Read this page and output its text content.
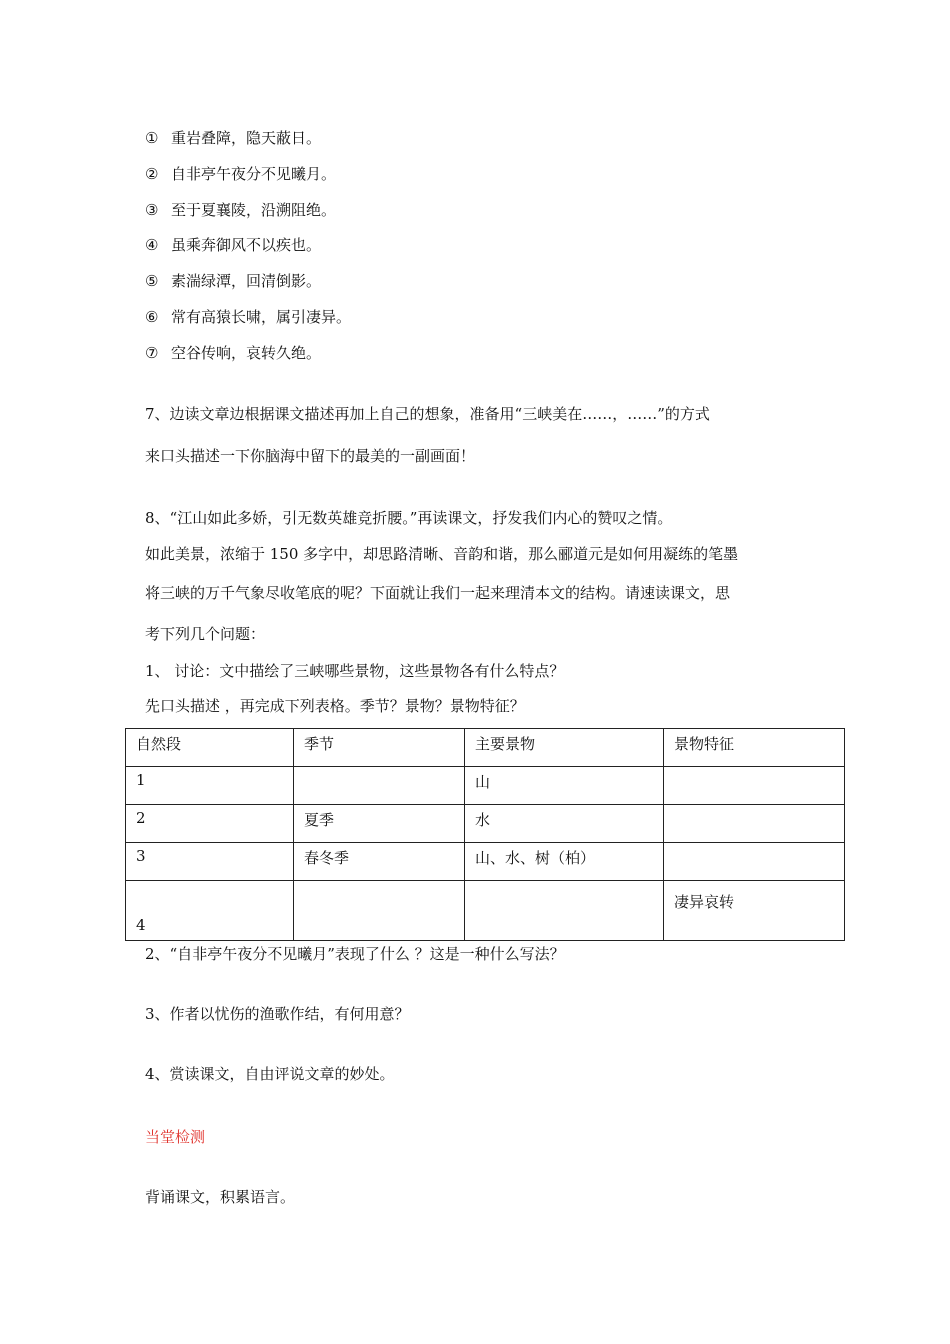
① 重岩叠障，隐天蔽日。
② 自非亭午夜分不见曦月。
③ 至于夏襄陵，沿溯阻绝。
④ 虽乘奔御风不以疾也。
⑤ 素湍绿潭，回清倒影。
⑥ 常有高猿长啸，属引凄异。
⑦ 空谷传响，哀转久绝。
7、边读文章边根据课文描述再加上自己的想象，准备用“三峡美在……，……”的方式
来口头描述一下你脑海中留下的最美的一副画面！
8、“江山如此多娇，引无数英雄竞折腰。”再读课文，抒发我们内心的赞叹之情。
如此美景，浓缩于 150 多字中，却思路清晰、音韵和谐，那么郦道元是如何用凝练的笔墨
将三峡的万千气象尽收笔底的呢？下面就让我们一起来理清本文的结构。请速读课文，思
考下列几个问题：
1、 讨论：文中描绘了三峡哪些景物，这些景物各有什么特点？
先口头描述 ，再完成下列表格。季节？景物？景物特征？
自然段	季节	主要景物	景物特征
1		山	
2	夏季	水	
3	春冬季	山、水、树（柏）	
4			凄异哀转
2、“自非亭午夜分不见曦月”表现了什么 ？这是一种什么写法？
3、作者以忧伤的渔歌作结，有何用意？
4、赏读课文，自由评说文章的妙处。
当堂检测
背诵课文，积累语言。
